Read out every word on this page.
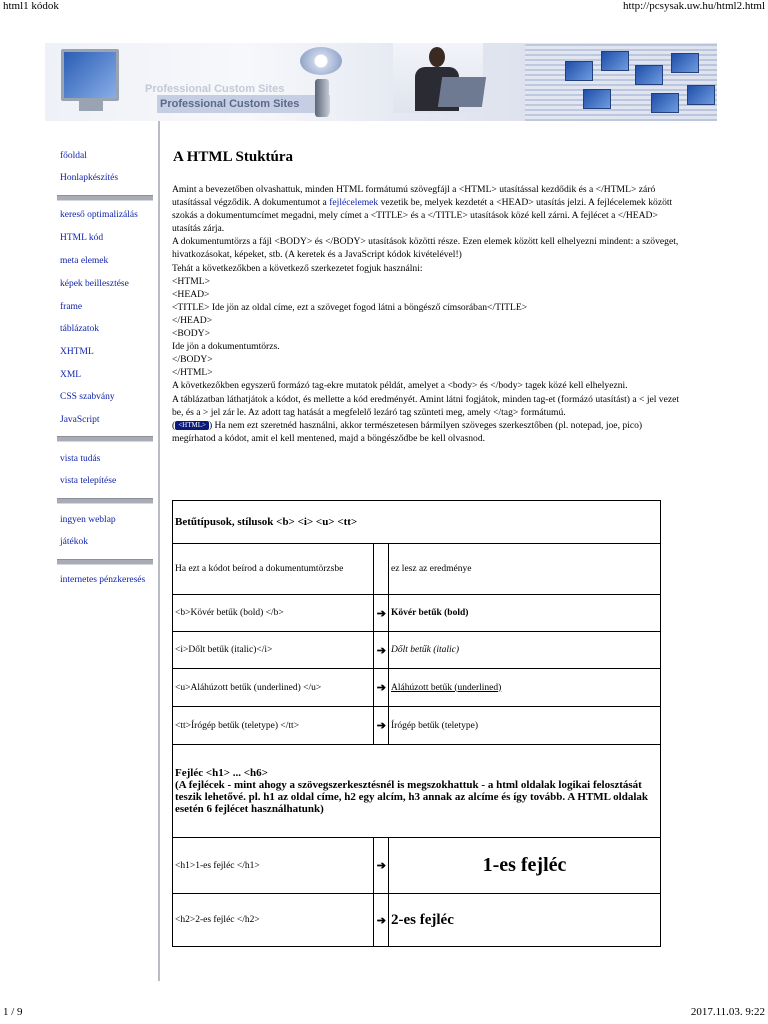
html1 kódok	http://pcsysak.uw.hu/html2.html
Professional Custom Sites
Professional Custom Sites
főoldal
Honlapkészítés
kereső optimalizálás
HTML kód
meta elemek
képek beillesztése
frame
táblázatok
XHTML
XML
CSS szabvány
JavaScript
vista tudás
vista telepítése
ingyen weblap
játékok
internetes pénzkeresés
A HTML Stuktúra

Amint a bevezetőben olvashattuk, minden HTML formátumú szövegfájl a <HTML> utasítással kezdődik és a </HTML> záró utasítással végződik. A dokumentumot a fejlécelemek vezetik be, melyek kezdetét a <HEAD> utasítás jelzi. A fejlécelemek között szokás a dokumentumcímet megadni, mely címet a <TITLE> és a </TITLE> utasítások közé kell zárni. A fejlécet a </HEAD> utasítás zárja.

A dokumentumtörzs a fájl <BODY> és </BODY> utasítások közötti része. Ezen elemek között kell elhelyezni mindent: a szöveget, hivatkozásokat, képeket, stb. (A keretek és a JavaScript kódok kivételével!)

Tehát a következőkben a következő szerkezetet fogjuk használni:

<HTML>

<HEAD>

<TITLE> Ide jön az oldal címe, ezt a szöveget fogod látni a böngésző címsorában</TITLE>

</HEAD>

<BODY>

Ide jön a dokumentumtörzs.

</BODY>

</HTML>

A következőkben egyszerű formázó tag-ekre mutatok példát, amelyet a <body> és </body> tagek közé kell elhelyezni.

A táblázatban láthatjátok a kódot, és mellette a kód eredményét. Amint látni fogjátok, minden tag-et (formázó utasítást) a < jel vezet be, és a > jel zár le. Az adott tag hatását a megfelelő lezáró tag szünteti meg, amely </tag> formátumú.

( <HTML> ) Ha nem ezt szeretnéd használni, akkor természetesen bármilyen szöveges szerkesztőben (pl. notepad, joe, pico) megírhatod a kódot, amit el kell mentened, majd a böngésződbe be kell olvasnod.

Betűtípusok, stílusok <b> <i> <u> <tt>		
Ha ezt a kódot beírod a dokumentumtörzsbe		ez lesz az eredménye
<b>Kövér betűk (bold) </b>	➔	Kövér betűk (bold)
<i>Dőlt betűk (italic)</i>	➔	Dőlt betűk (italic)
<u>Aláhúzott betűk (underlined) </u>	➔	Aláhúzott betűk (underlined)
<tt>Írógép betűk (teletype) </tt>	➔	Írógép betűk (teletype)

Fejléc <h1> ... <h6>
(A fejlécek - mint ahogy a szövegszerkesztésnél is megszokhattuk - a html oldalak logikai felosztását teszik lehetővé. pl. h1 az oldal címe, h2 egy alcím, h3 annak az alcíme és így tovább. A HTML oldalak esetén 6 fejlécet használhatunk)		

<h1>1-es fejléc </h1>	➔	1-es fejléc
<h2>2-es fejléc </h2>	➔	2-es fejléc
1 / 9	2017.11.03. 9:22
